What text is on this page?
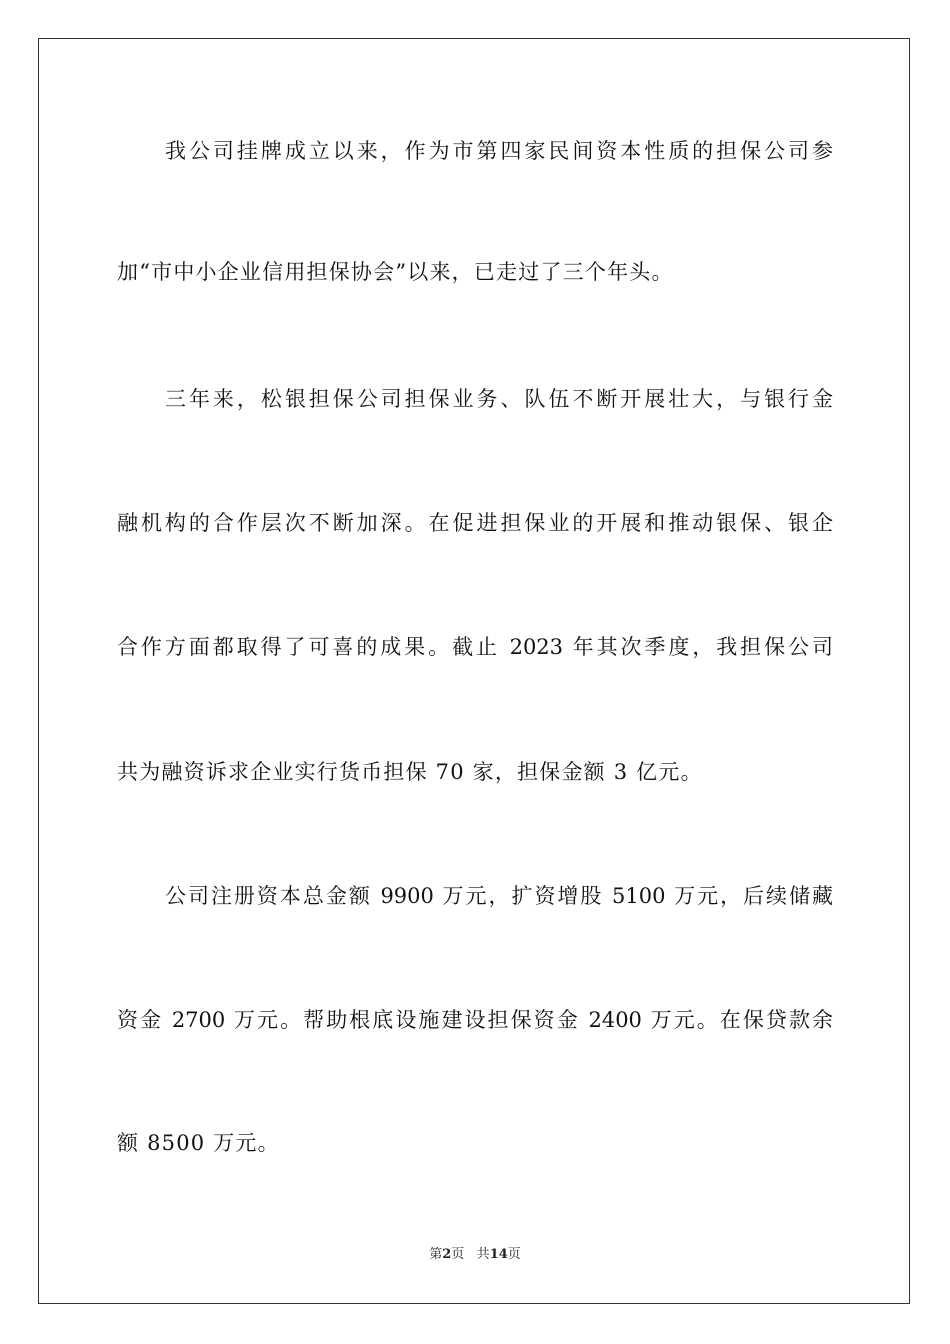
我公司挂牌成立以来，作为市第四家民间资本性质的担保公司参
加“市中小企业信用担保协会”以来，已走过了三个年头。
三年来，松银担保公司担保业务、队伍不断开展壮大，与银行金
融机构的合作层次不断加深。在促进担保业的开展和推动银保、银企
合作方面都取得了可喜的成果。截止 2023 年其次季度，我担保公司
共为融资诉求企业实行货币担保 70 家，担保金额 3 亿元。
公司注册资本总金额 9900 万元，扩资增股 5100 万元，后续储藏
资金 2700 万元。帮助根底设施建设担保资金 2400 万元。在保贷款余
额 8500 万元。
第2页 共14页
